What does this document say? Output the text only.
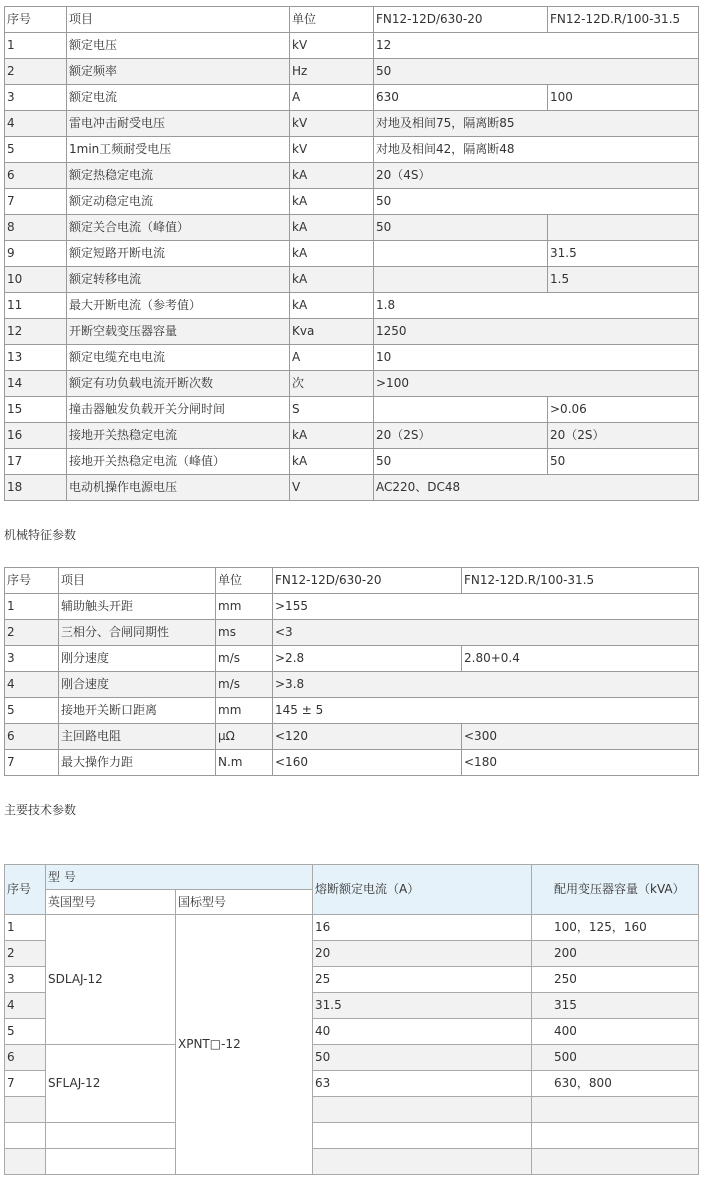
序号	项目	单位	FN12-12D/630-20	FN12-12D.R/100-31.5
1	额定电压	kV	12	
2	额定频率	Hz	50	
3	额定电流	A	630	100
4	雷电冲击耐受电压	kV	对地及相间75，隔离断85	
5	1min工频耐受电压	kV	对地及相间42，隔离断48	
6	额定热稳定电流	kA	20（4S）	
7	额定动稳定电流	kA	50	
8	额定关合电流（峰值）	kA	50	
9	额定短路开断电流	kA		31.5
10	额定转移电流	kA		1.5
11	最大开断电流（参考值）	kA	1.8	
12	开断空载变压器容量	Kva	1250	
13	额定电缆充电电流	A	10	
14	额定有功负载电流开断次数	次	>100	
15	撞击器触发负载开关分闸时间	S		>0.06
16	接地开关热稳定电流	kA	20（2S）	20（2S）
17	接地开关热稳定电流（峰值）	kA	50	50
18	电动机操作电源电压	V	AC220、DC48	
机械特征参数
序号	项目	单位	FN12-12D/630-20	FN12-12D.R/100-31.5
1	辅助触头开距	mm	>155	
2	三相分、合闸同期性	ms	<3	
3	刚分速度	m/s	>2.8	2.80+0.4
4	刚合速度	m/s	>3.8	
5	接地开关断口距离	mm	145 ± 5	
6	主回路电阻	μΩ	<120	<300
7	最大操作力距	N.m	<160	<180
主要技术参数
序号	型 号		熔断额定电流（A）	配用变压器容量（kVA）
	英国型号	国标型号		
1	SDLAJ-12	XPNT□-12	16	100，125，160
2			20	200
3			25	250
4			31.5	315
5			40	400
6	SFLAJ-12		50	500
7			63	630，800
